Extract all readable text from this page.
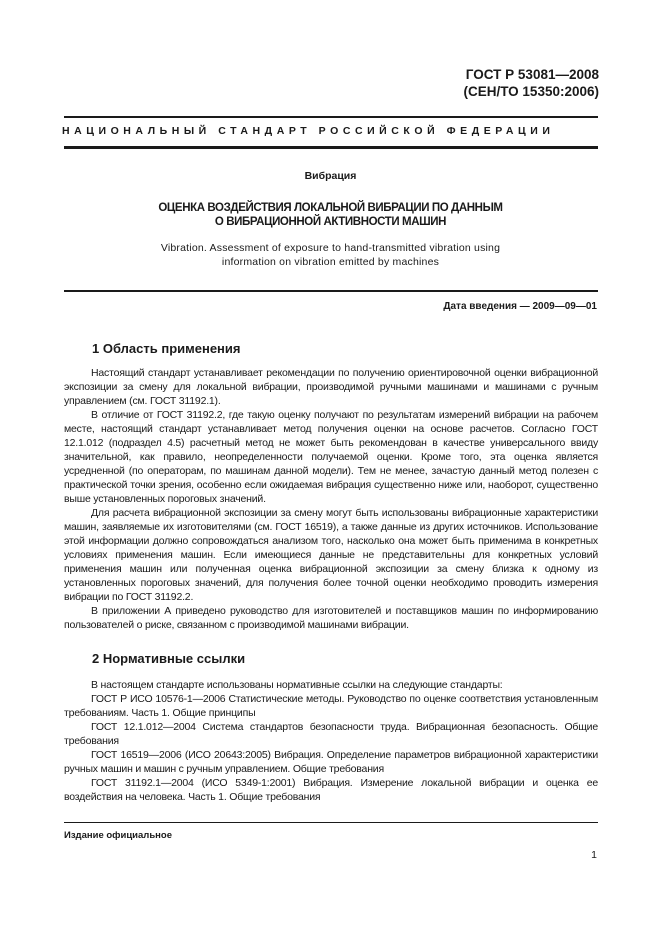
ГОСТ Р 53081—2008
(СЕН/ТО 15350:2006)
НАЦИОНАЛЬНЫЙ СТАНДАРТ РОССИЙСКОЙ ФЕДЕРАЦИИ
Вибрация
ОЦЕНКА ВОЗДЕЙСТВИЯ ЛОКАЛЬНОЙ ВИБРАЦИИ ПО ДАННЫМ
О ВИБРАЦИОННОЙ АКТИВНОСТИ МАШИН
Vibration. Assessment of exposure to hand-transmitted vibration using
information on vibration emitted by machines
Дата введения — 2009—09—01
1 Область применения

Настоящий стандарт устанавливает рекомендации по получению ориентировочной оценки вибрационной экспозиции за смену для локальной вибрации, производимой ручными машинами и машинами с ручным управлением (см. ГОСТ 31192.1).

В отличие от ГОСТ 31192.2, где такую оценку получают по результатам измерений вибрации на рабочем месте, настоящий стандарт устанавливает метод получения оценки на основе расчетов. Согласно ГОСТ 12.1.012 (подраздел 4.5) расчетный метод не может быть рекомендован в качестве универсального ввиду значительной, как правило, неопределенности получаемой оценки. Кроме того, эта оценка является усредненной (по операторам, по машинам данной модели). Тем не менее, зачастую данный метод полезен с практической точки зрения, особенно если ожидаемая вибрация существенно ниже или, наоборот, существенно выше установленных пороговых значений.

Для расчета вибрационной экспозиции за смену могут быть использованы вибрационные характеристики машин, заявляемые их изготовителями (см. ГОСТ 16519), а также данные из других источников. Использование этой информации должно сопровождаться анализом того, насколько она может быть применима в конкретных условиях применения машин. Если имеющиеся данные не представительны для конкретных условий применения машин или полученная оценка вибрационной экспозиции за смену близка к одному из установленных пороговых значений, для получения более точной оценки необходимо проводить измерения вибрации по ГОСТ 31192.2.

В приложении А приведено руководство для изготовителей и поставщиков машин по информированию пользователей о риске, связанном с производимой машинами вибрации.

2 Нормативные ссылки

В настоящем стандарте использованы нормативные ссылки на следующие стандарты:

ГОСТ Р ИСО 10576-1—2006 Статистические методы. Руководство по оценке соответствия установленным требованиям. Часть 1. Общие принципы

ГОСТ 12.1.012—2004 Система стандартов безопасности труда. Вибрационная безопасность. Общие требования

ГОСТ 16519—2006 (ИСО 20643:2005) Вибрация. Определение параметров вибрационной характеристики ручных машин и машин с ручным управлением. Общие требования

ГОСТ 31192.1—2004 (ИСО 5349-1:2001) Вибрация. Измерение локальной вибрации и оценка ее воздействия на человека. Часть 1. Общие требования

Издание официальное
1
